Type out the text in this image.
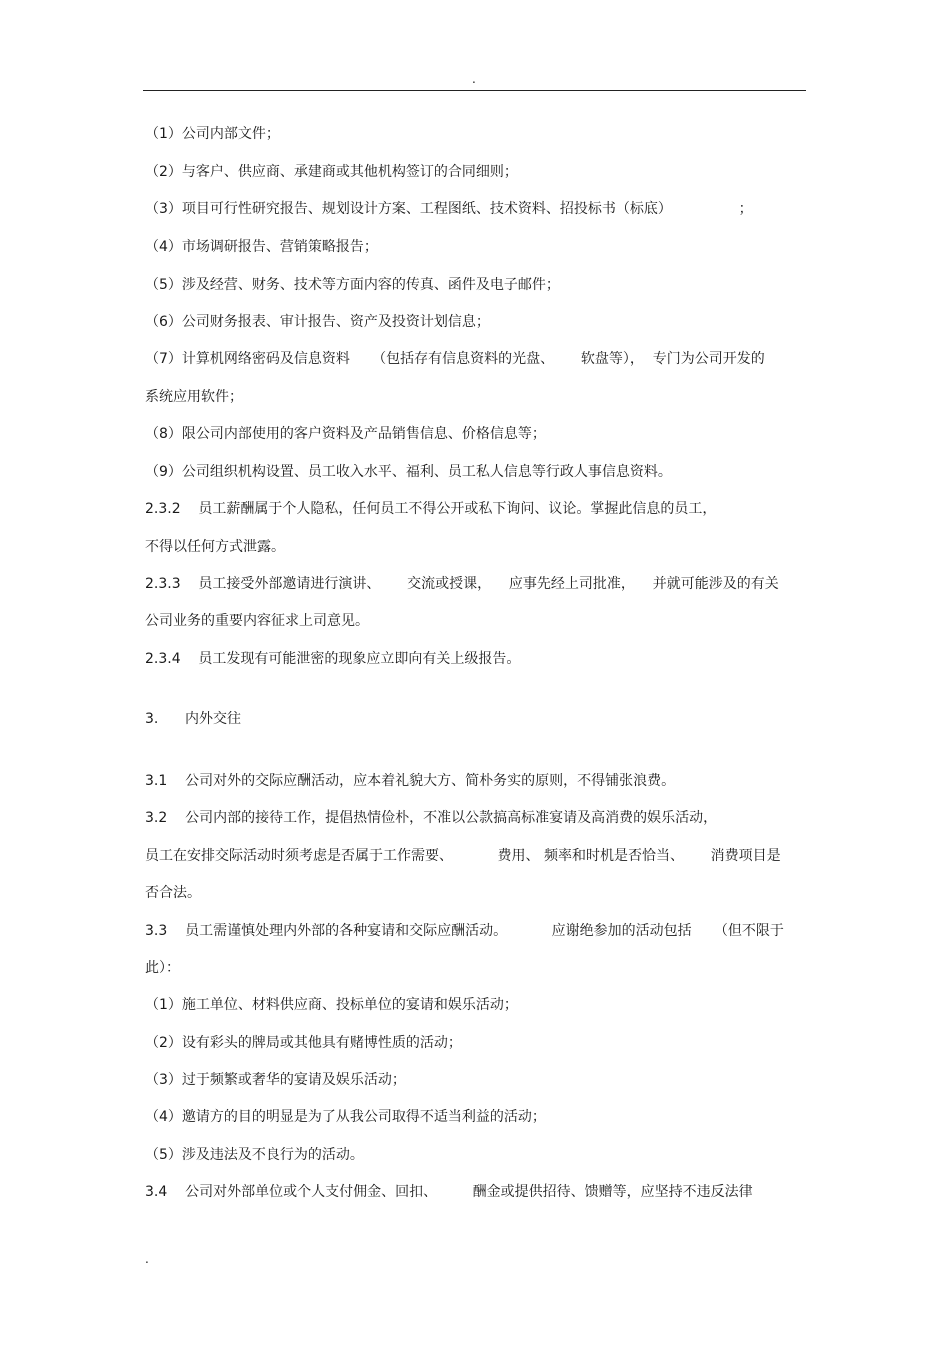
.
（1）公司内部文件；
（2）与客户、供应商、承建商或其他机构签订的合同细则；
（3）项目可行性研究报告、规划设计方案、工程图纸、技术资料、招投标书（标底）               ；
（4）市场调研报告、营销策略报告；
（5）涉及经营、财务、技术等方面内容的传真、函件及电子邮件；
（6）公司财务报表、审计报告、资产及投资计划信息；
（7）计算机网络密码及信息资料     （包括存有信息资料的光盘、      软盘等），  专门为公司开发的
系统应用软件；
（8）限公司内部使用的客户资料及产品销售信息、价格信息等；
（9）公司组织机构设置、员工收入水平、福利、员工私人信息等行政人事信息资料。
2.3.2    员工薪酬属于个人隐私，任何员工不得公开或私下询问、议论。掌握此信息的员工，
不得以任何方式泄露。
2.3.3    员工接受外部邀请进行演讲、      交流或授课，    应事先经上司批准，    并就可能涉及的有关
公司业务的重要内容征求上司意见。
2.3.4    员工发现有可能泄密的现象应立即向有关上级报告。
3.      内外交往
3.1    公司对外的交际应酬活动，应本着礼貌大方、简朴务实的原则，不得铺张浪费。
3.2    公司内部的接待工作，提倡热情俭朴，不准以公款搞高标准宴请及高消费的娱乐活动，
员工在安排交际活动时须考虑是否属于工作需要、          费用、 频率和时机是否恰当、      消费项目是
否合法。
3.3    员工需谨慎处理内外部的各种宴请和交际应酬活动。          应谢绝参加的活动包括     （但不限于
此）：
（1）施工单位、材料供应商、投标单位的宴请和娱乐活动；
（2）设有彩头的牌局或其他具有赌博性质的活动；
（3）过于频繁或奢华的宴请及娱乐活动；
（4）邀请方的目的明显是为了从我公司取得不适当利益的活动；
（5）涉及违法及不良行为的活动。
3.4    公司对外部单位或个人支付佣金、回扣、        酬金或提供招待、馈赠等，应坚持不违反法律
.
